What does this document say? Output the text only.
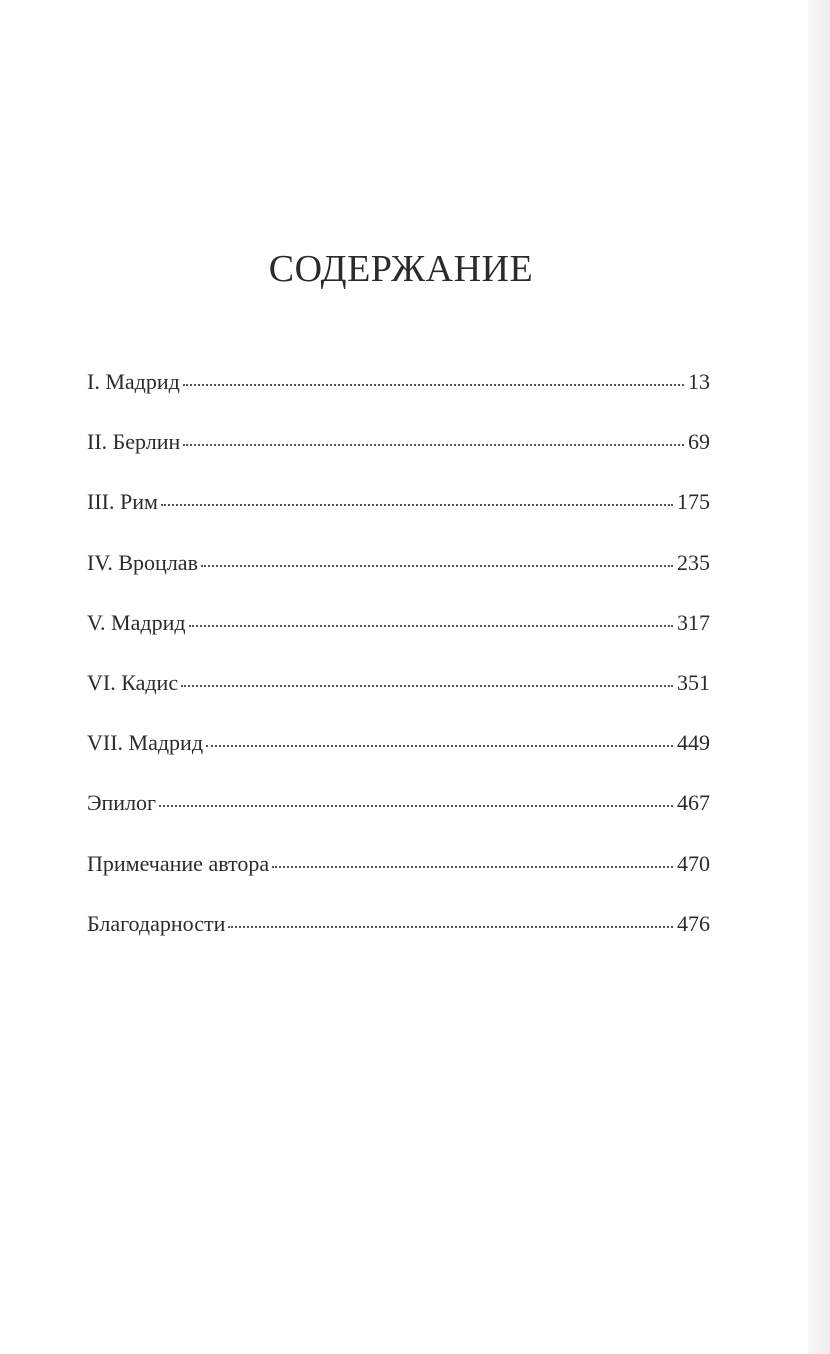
СОДЕРЖАНИЕ
I. Мадрид	13
II. Берлин	69
III. Рим	175
IV. Вроцлав	235
V. Мадрид	317
VI. Кадис	351
VII. Мадрид	449
Эпилог	467
Примечание автора	470
Благодарности	476
